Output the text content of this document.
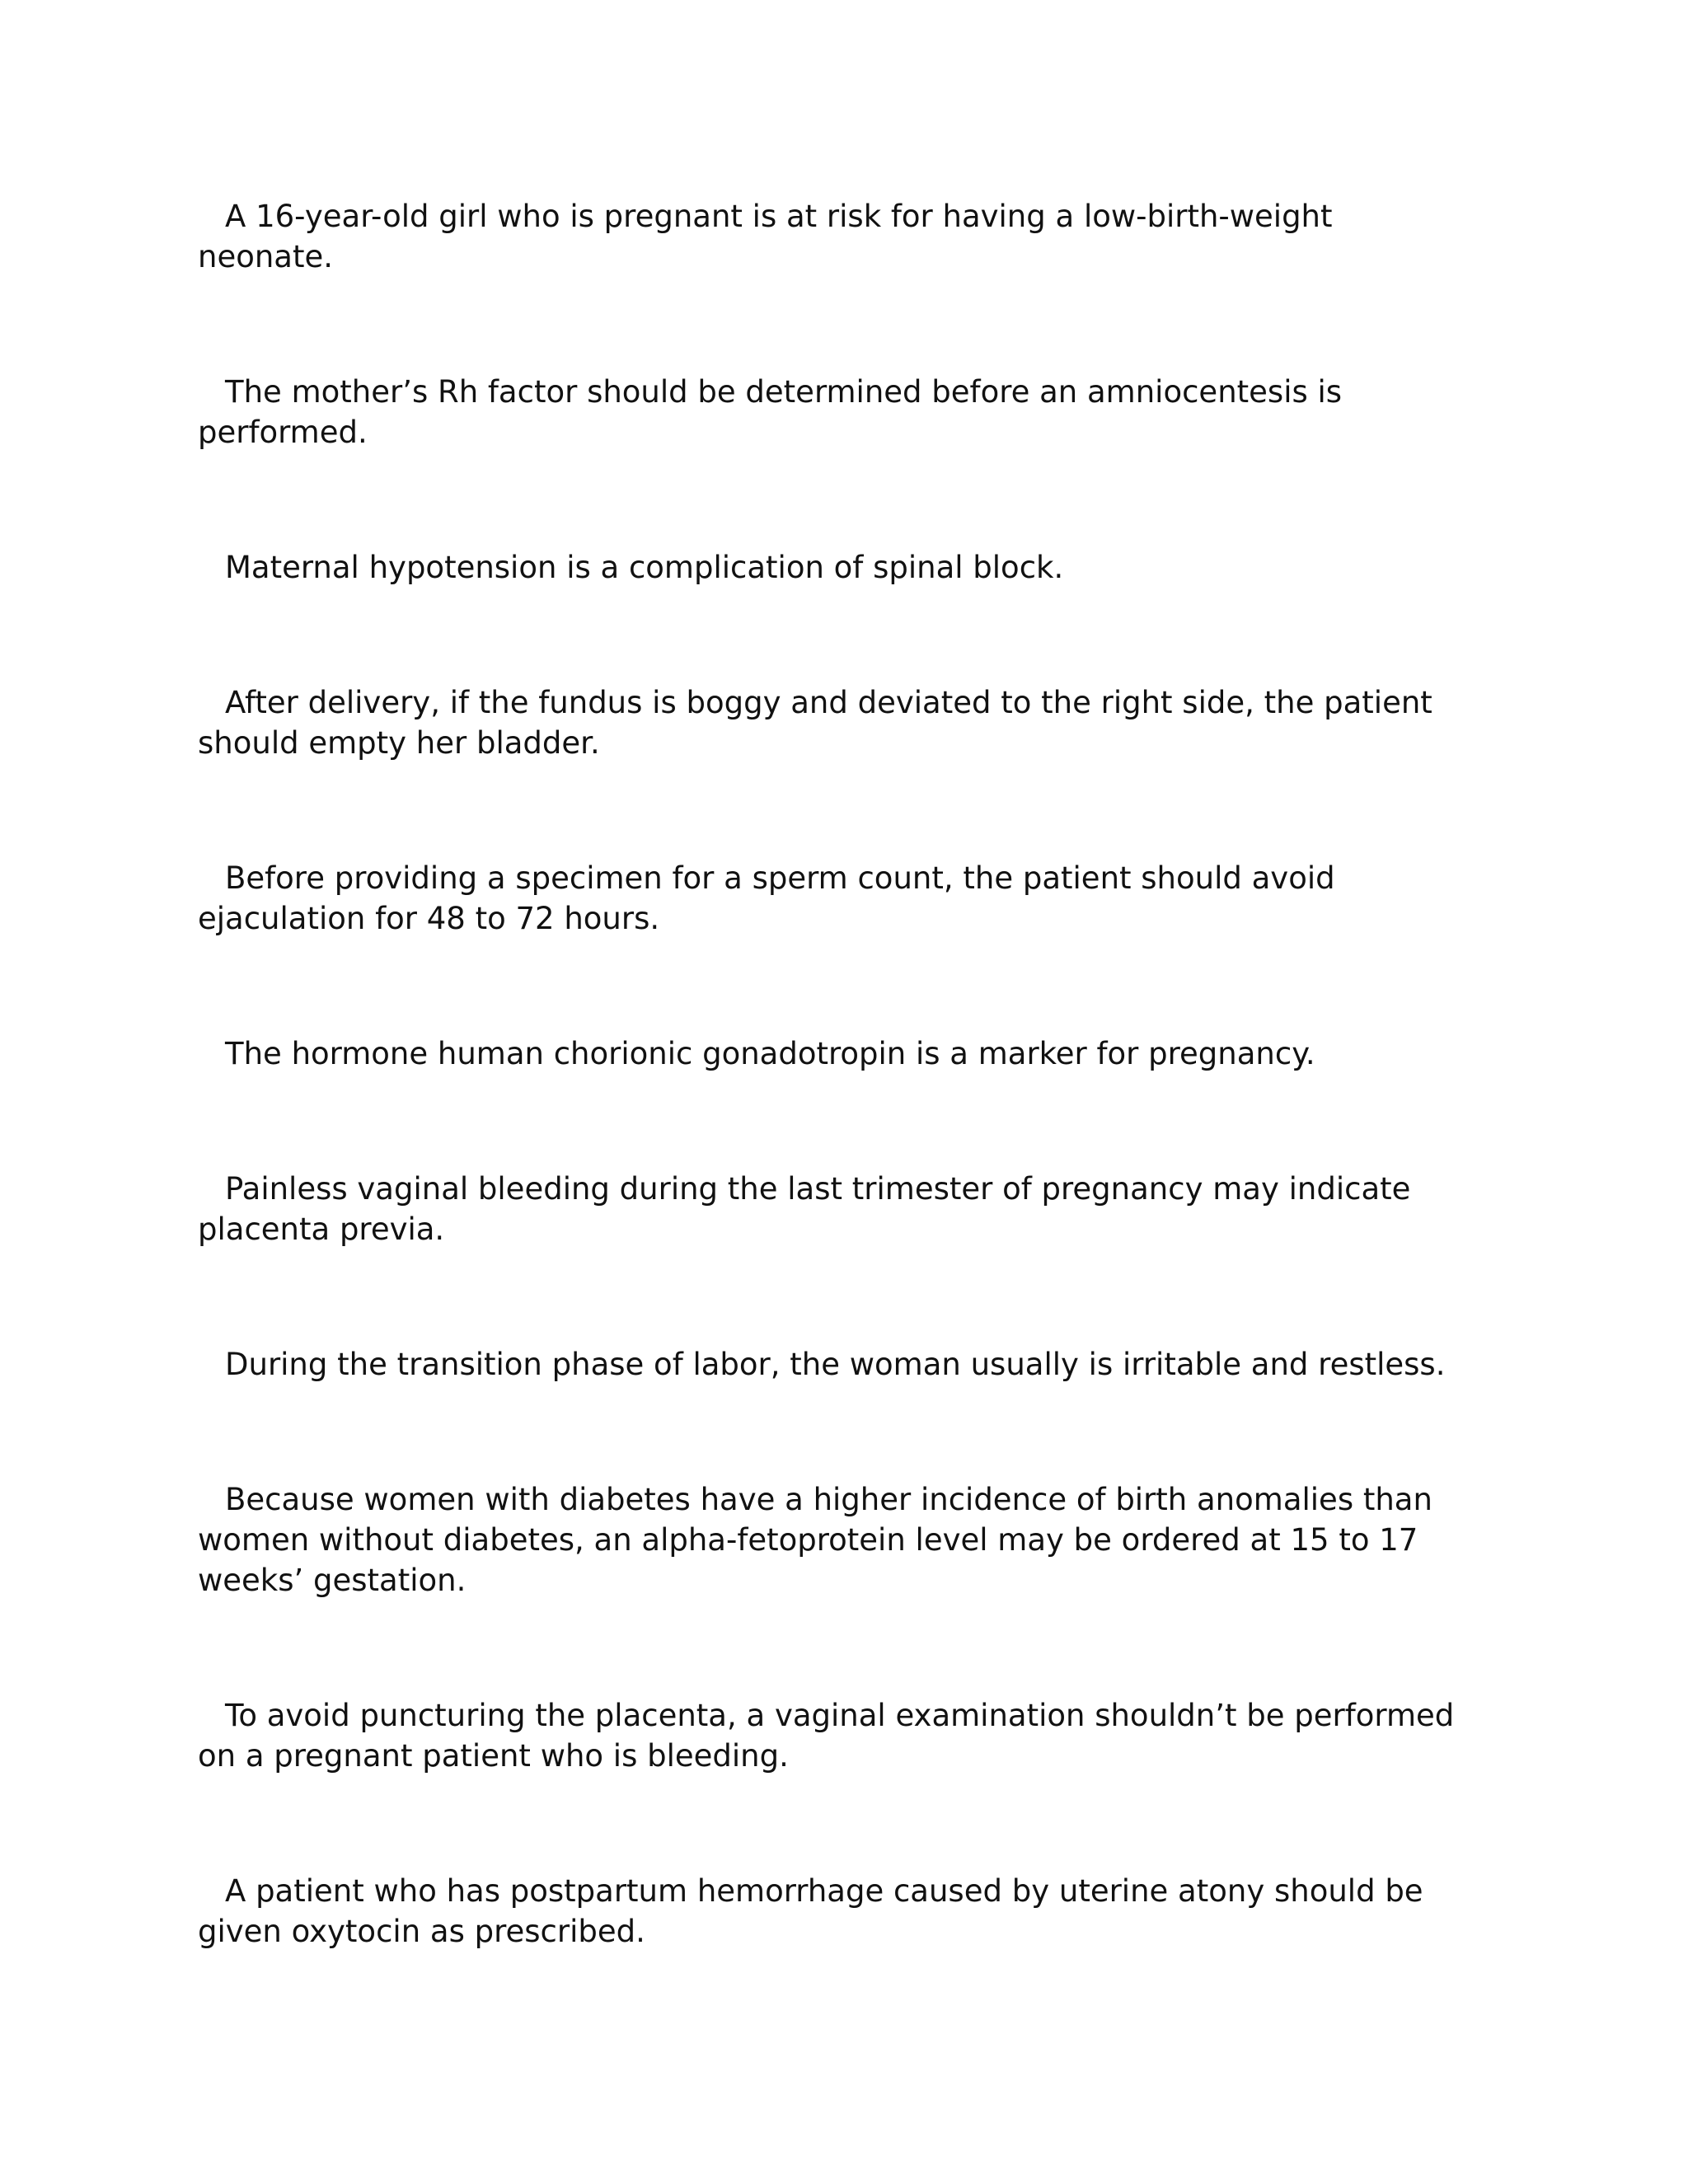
A 16-year-old girl who is pregnant is at risk for having a low-birth-weight neonate.

The mother’s Rh factor should be determined before an amniocentesis is performed.

Maternal hypotension is a complication of spinal block.

After delivery, if the fundus is boggy and deviated to the right side, the patient should empty her bladder.

Before providing a specimen for a sperm count, the patient should avoid ejaculation for 48 to 72 hours.

The hormone human chorionic gonadotropin is a marker for pregnancy.

Painless vaginal bleeding during the last trimester of pregnancy may indicate placenta previa.

During the transition phase of labor, the woman usually is irritable and restless.

Because women with diabetes have a higher incidence of birth anomalies than women without diabetes, an alpha-fetoprotein level may be ordered at 15 to 17 weeks’ gestation.

To avoid puncturing the placenta, a vaginal examination shouldn’t be performed on a pregnant patient who is bleeding.

A patient who has postpartum hemorrhage caused by uterine atony should be given oxytocin as prescribed.
